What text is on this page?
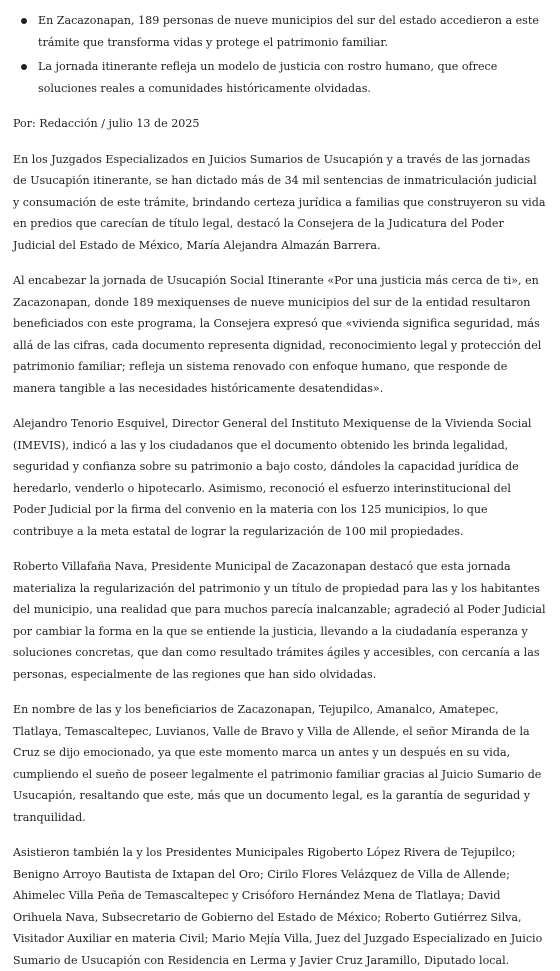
En Zacazonapan, 189 personas de nueve municipios del sur del estado accedieron a este trámite que transforma vidas y protege el patrimonio familiar.
La jornada itinerante refleja un modelo de justicia con rostro humano, que ofrece soluciones reales a comunidades históricamente olvidadas.

Por: Redacción / julio 13 de 2025

En los Juzgados Especializados en Juicios Sumarios de Usucapión y a través de las jornadas de Usucapión itinerante, se han dictado más de 34 mil sentencias de inmatriculación judicial y consumación de este trámite, brindando certeza jurídica a familias que construyeron su vida en predios que carecían de título legal, destacó la Consejera de la Judicatura del Poder Judicial del Estado de México, María Alejandra Almazán Barrera.

Al encabezar la jornada de Usucapión Social Itinerante «Por una justicia más cerca de ti», en Zacazonapan, donde 189 mexiquenses de nueve municipios del sur de la entidad resultaron beneficiados con este programa, la Consejera expresó que «vivienda significa seguridad, más allá de las cifras, cada documento representa dignidad, reconocimiento legal y protección del patrimonio familiar; refleja un sistema renovado con enfoque humano, que responde de manera tangible a las necesidades históricamente desatendidas».

Alejandro Tenorio Esquivel, Director General del Instituto Mexiquense de la Vivienda Social (IMEVIS), indicó a las y los ciudadanos que el documento obtenido les brinda legalidad, seguridad y confianza sobre su patrimonio a bajo costo, dándoles la capacidad jurídica de heredarlo, venderlo o hipotecarlo. Asimismo, reconoció el esfuerzo interinstitucional del Poder Judicial por la firma del convenio en la materia con los 125 municipios, lo que contribuye a la meta estatal de lograr la regularización de 100 mil propiedades.

Roberto Villafaña Nava, Presidente Municipal de Zacazonapan destacó que esta jornada materializa la regularización del patrimonio y un título de propiedad para las y los habitantes del municipio, una realidad que para muchos parecía inalcanzable; agradeció al Poder Judicial por cambiar la forma en la que se entiende la justicia, llevando a la ciudadanía esperanza y soluciones concretas, que dan como resultado trámites ágiles y accesibles, con cercanía a las personas, especialmente de las regiones que han sido olvidadas.

En nombre de las y los beneficiarios de Zacazonapan, Tejupilco, Amanalco, Amatepec, Tlatlaya, Temascaltepec, Luvianos, Valle de Bravo y Villa de Allende, el señor Miranda de la Cruz se dijo emocionado, ya que este momento marca un antes y un después en su vida, cumpliendo el sueño de poseer legalmente el patrimonio familiar gracias al Juicio Sumario de Usucapión, resaltando que este, más que un documento legal, es la garantía de seguridad y tranquilidad.

Asistieron también la y los Presidentes Municipales Rigoberto López Rivera de Tejupilco; Benigno Arroyo Bautista de Ixtapan del Oro; Cirilo Flores Velázquez de Villa de Allende; Ahimelec Villa Peña de Temascaltepec y Crisóforo Hernández Mena de Tlatlaya; David Orihuela Nava, Subsecretario de Gobierno del Estado de México; Roberto Gutiérrez Silva, Visitador Auxiliar en materia Civil; Mario Mejía Villa, Juez del Juzgado Especializado en Juicio Sumario de Usucapión con Residencia en Lerma y Javier Cruz Jaramillo, Diputado local.
